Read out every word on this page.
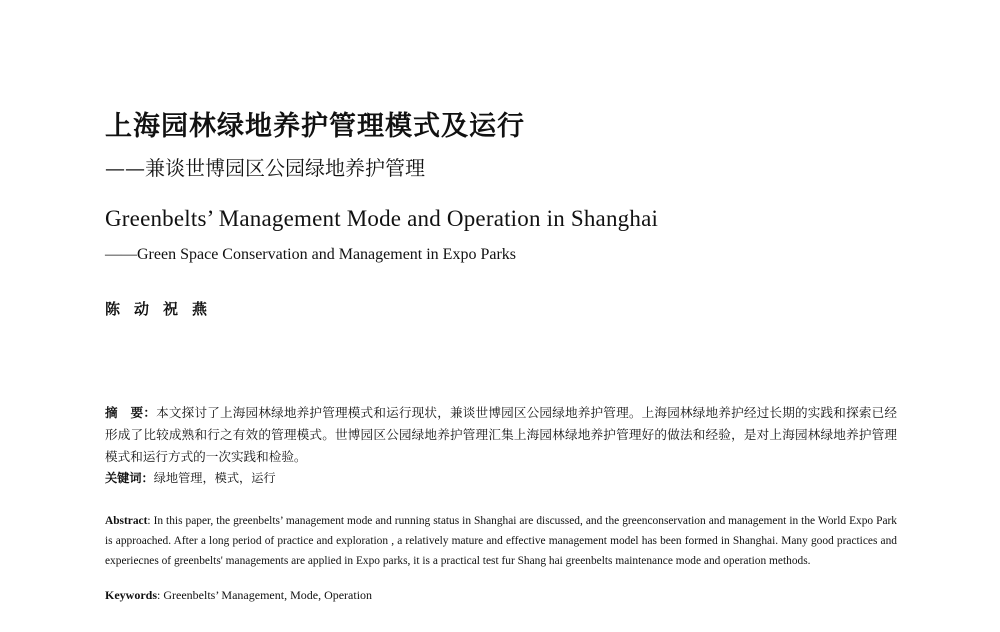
上海园林绿地养护管理模式及运行
——兼谈世博园区公园绿地养护管理
Greenbelts’ Management Mode and Operation in Shanghai
——Green Space Conservation and Management in Expo Parks
陈 动 祝 燕
摘　要：本文探讨了上海园林绿地养护管理模式和运行现状，兼谈世博园区公园绿地养护管理。上海园林绿地养护经过长期的实践和探索已经形成了比较成熟和行之有效的管理模式。世博园区公园绿地养护管理汇集上海园林绿地养护管理好的做法和经验，是对上海园林绿地养护管理模式和运行方式的一次实践和检验。
关键词：绿地管理，模式，运行
Abstract: In this paper, the greenbelts’ management mode and running status in Shanghai are discussed, and the greenconservation and management in the World Expo Park is approached. After a long period of practice and exploration , a relatively mature and effective management model has been formed in Shanghai. Many good practices and experiecnes of greenbelts' managements are applied in Expo parks, it is a practical test fur Shang hai greenbelts maintenance mode and operation methods.
Keywords: Greenbelts’ Management, Mode, Operation
